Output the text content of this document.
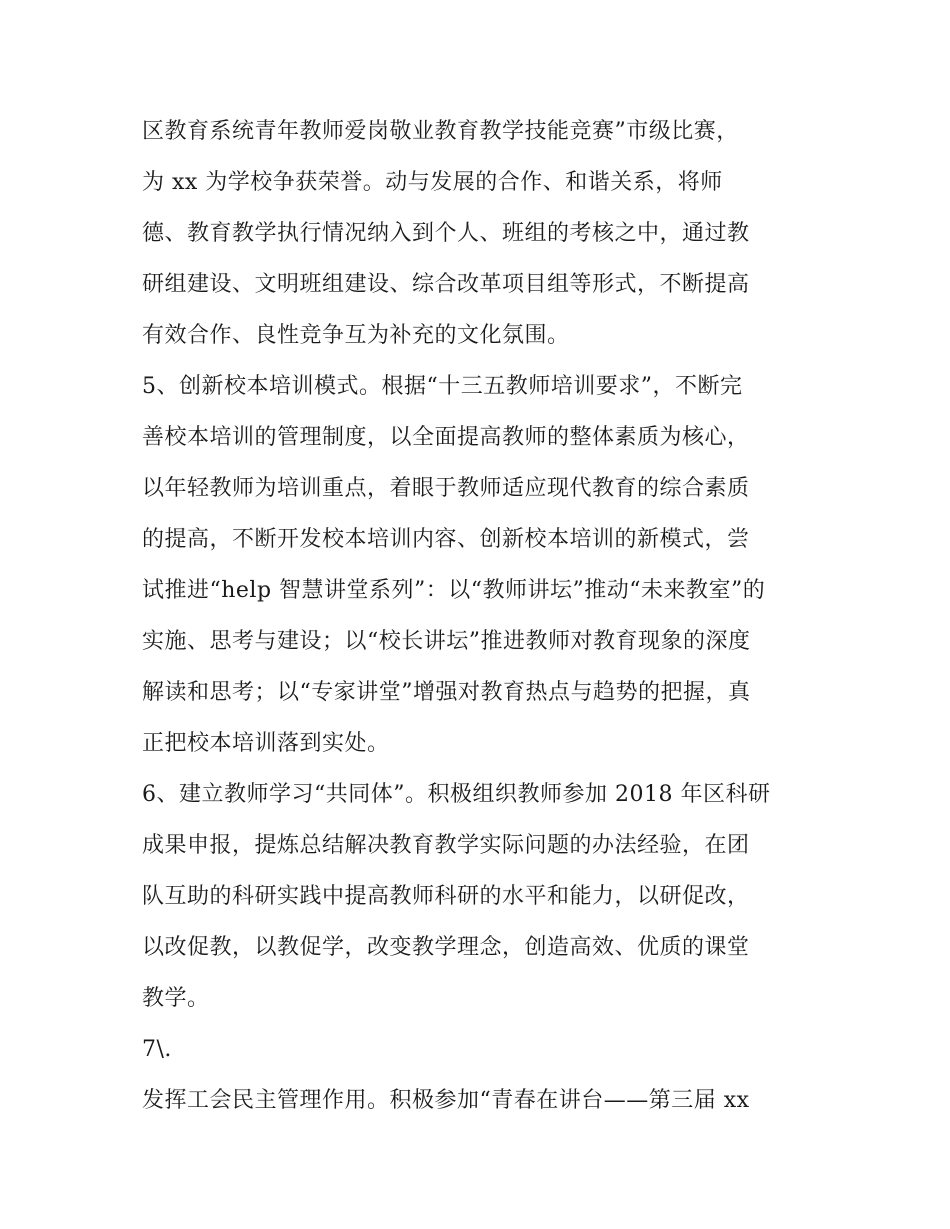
区教育系统青年教师爱岗敬业教育教学技能竞赛”市级比赛，
为 xx 为学校争获荣誉。动与发展的合作、和谐关系，将师
德、教育教学执行情况纳入到个人、班组的考核之中，通过教
研组建设、文明班组建设、综合改革项目组等形式，不断提高
有效合作、良性竞争互为补充的文化氛围。
5、创新校本培训模式。根据“十三五教师培训要求”，不断完
善校本培训的管理制度，以全面提高教师的整体素质为核心，
以年轻教师为培训重点，着眼于教师适应现代教育的综合素质
的提高，不断开发校本培训内容、创新校本培训的新模式，尝
试推进“help 智慧讲堂系列”：以“教师讲坛”推动“未来教室”的
实施、思考与建设；以“校长讲坛”推进教师对教育现象的深度
解读和思考；以“专家讲堂”增强对教育热点与趋势的把握，真
正把校本培训落到实处。
6、建立教师学习“共同体”。积极组织教师参加 2018 年区科研
成果申报，提炼总结解决教育教学实际问题的办法经验，在团
队互助的科研实践中提高教师科研的水平和能力，以研促改，
以改促教，以教促学，改变教学理念，创造高效、优质的课堂
教学。
7\.
发挥工会民主管理作用。积极参加“青春在讲台——第三届 xx
